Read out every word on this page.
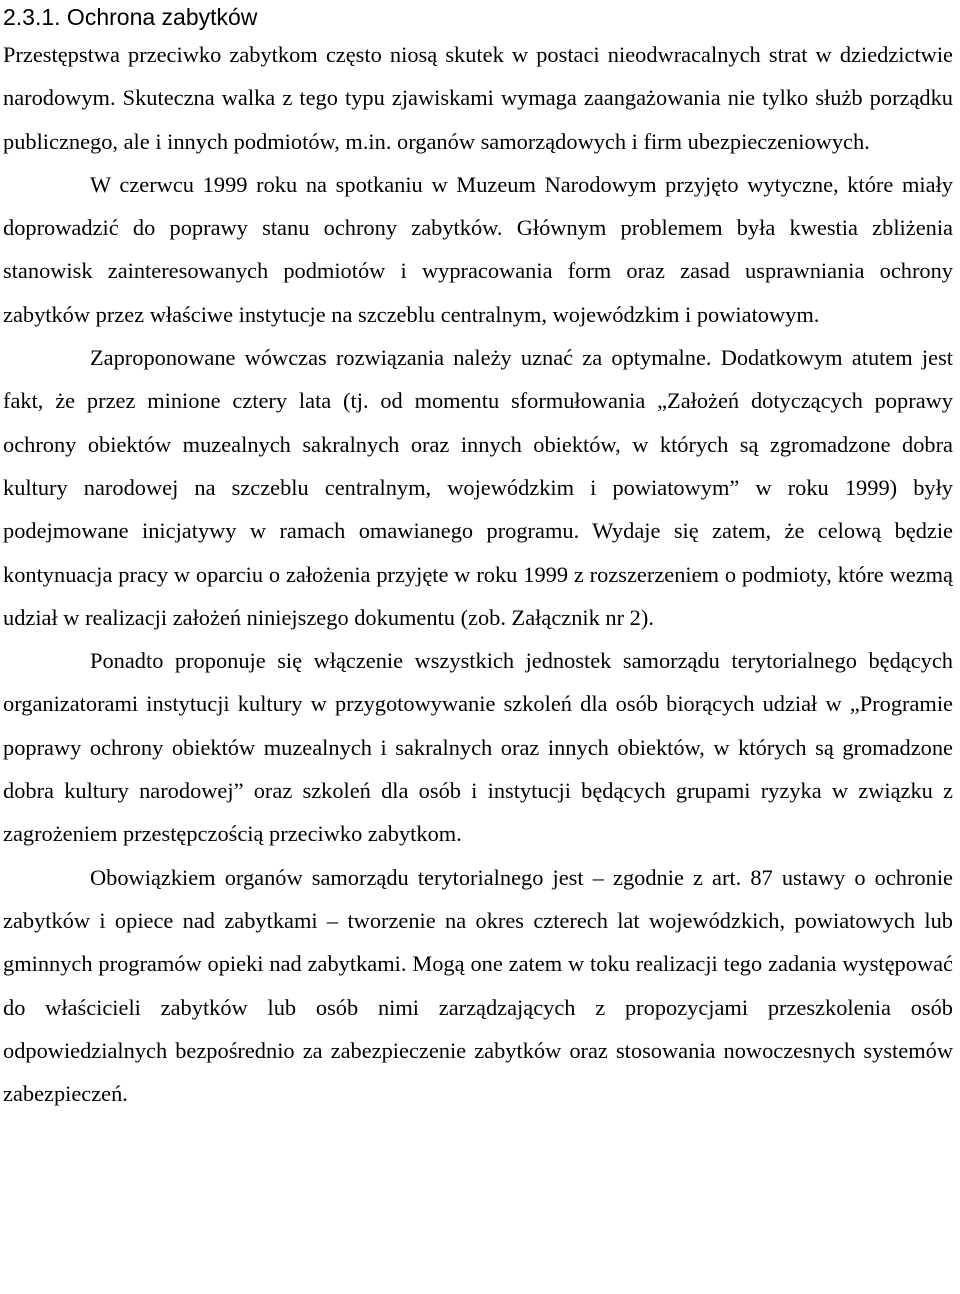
2.3.1. Ochrona zabytków

Przestępstwa przeciwko zabytkom często niosą skutek w postaci nieodwracalnych strat w dziedzictwie narodowym. Skuteczna walka z tego typu zjawiskami wymaga zaangażowania nie tylko służb porządku publicznego, ale i innych podmiotów, m.in. organów samorządowych i firm ubezpieczeniowych.

W czerwcu 1999 roku na spotkaniu w Muzeum Narodowym przyjęto wytyczne, które miały doprowadzić do poprawy stanu ochrony zabytków. Głównym problemem była kwestia zbliżenia stanowisk zainteresowanych podmiotów i wypracowania form oraz zasad usprawniania ochrony zabytków przez właściwe instytucje na szczeblu centralnym, wojewódzkim i powiatowym.

Zaproponowane wówczas rozwiązania należy uznać za optymalne. Dodatkowym atutem jest fakt, że przez minione cztery lata (tj. od momentu sformułowania „Założeń dotyczących poprawy ochrony obiektów muzealnych sakralnych oraz innych obiektów, w których są zgromadzone dobra kultury narodowej na szczeblu centralnym, wojewódzkim i powiatowym” w roku 1999) były podejmowane inicjatywy w ramach omawianego programu. Wydaje się zatem, że celową będzie kontynuacja pracy w oparciu o założenia przyjęte w roku 1999 z rozszerzeniem o podmioty, które wezmą udział w realizacji założeń niniejszego dokumentu (zob. Załącznik nr 2).

Ponadto proponuje się włączenie wszystkich jednostek samorządu terytorialnego będących organizatorami instytucji kultury w przygotowywanie szkoleń dla osób biorących udział w „Programie poprawy ochrony obiektów muzealnych i sakralnych oraz innych obiektów, w których są gromadzone dobra kultury narodowej” oraz szkoleń dla osób i instytucji będących grupami ryzyka w związku z zagrożeniem przestępczością przeciwko zabytkom.

Obowiązkiem organów samorządu terytorialnego jest – zgodnie z art. 87 ustawy o ochronie zabytków i opiece nad zabytkami – tworzenie na okres czterech lat wojewódzkich, powiatowych lub gminnych programów opieki nad zabytkami. Mogą one zatem w toku realizacji tego zadania występować do właścicieli zabytków lub osób nimi zarządzających z propozycjami przeszkolenia osób odpowiedzialnych bezpośrednio za zabezpieczenie zabytków oraz stosowania nowoczesnych systemów zabezpieczeń.
